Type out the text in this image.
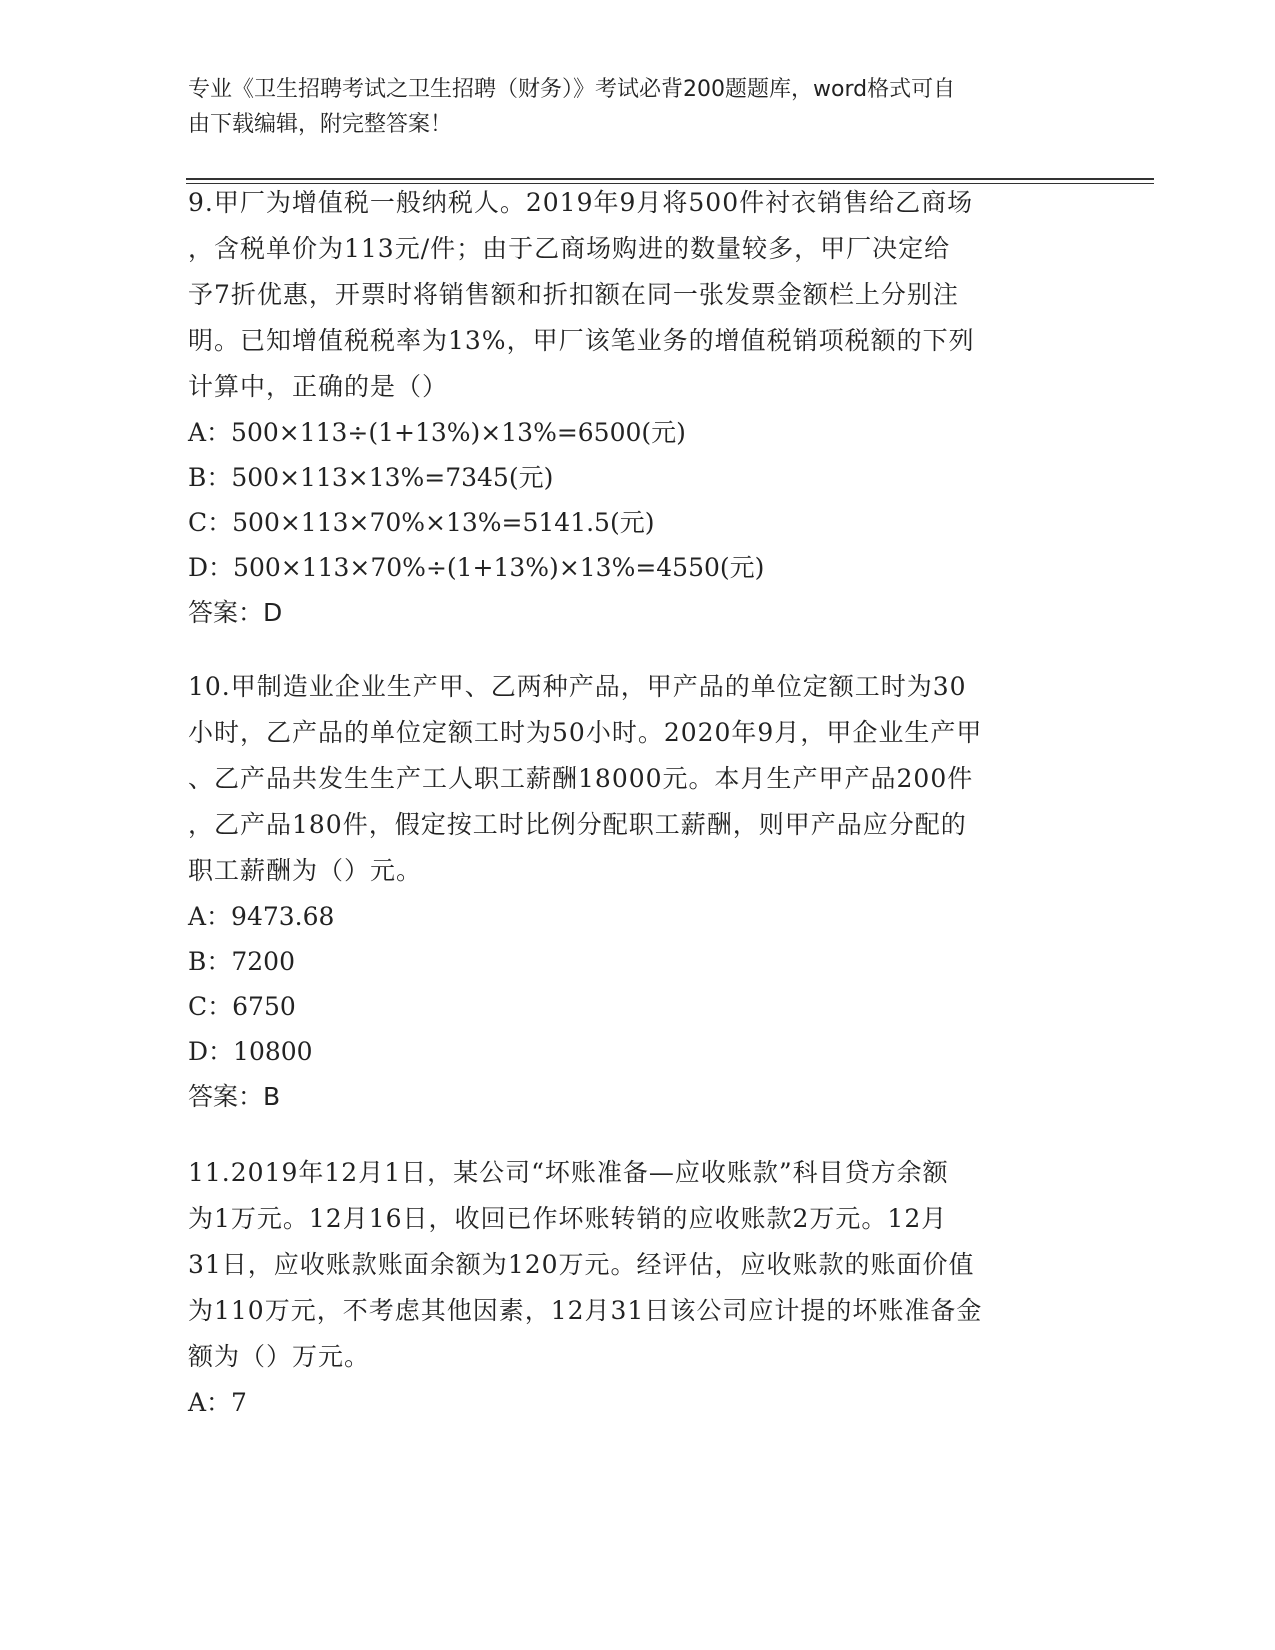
专业《卫生招聘考试之卫生招聘（财务）》考试必背200题题库，word格式可自
由下载编辑，附完整答案！
9.甲厂为增值税一般纳税人。2019年9月将500件衬衣销售给乙商场
，含税单价为113元/件；由于乙商场购进的数量较多，甲厂决定给
予7折优惠，开票时将销售额和折扣额在同一张发票金额栏上分别注
明。已知增值税税率为13%，甲厂该笔业务的增值税销项税额的下列
计算中，正确的是（）
A：500×113÷(1+13%)×13%=6500(元)
B：500×113×13%=7345(元)
C：500×113×70%×13%=5141.5(元)
D：500×113×70%÷(1+13%)×13%=4550(元)
答案：D
10.甲制造业企业生产甲、乙两种产品，甲产品的单位定额工时为30
小时，乙产品的单位定额工时为50小时。2020年9月，甲企业生产甲
、乙产品共发生生产工人职工薪酬18000元。本月生产甲产品200件
，乙产品180件，假定按工时比例分配职工薪酬，则甲产品应分配的
职工薪酬为（）元。
A：9473.68
B：7200
C：6750
D：10800
答案：B
11.2019年12月1日，某公司“坏账准备—应收账款”科目贷方余额
为1万元。12月16日，收回已作坏账转销的应收账款2万元。12月
31日，应收账款账面余额为120万元。经评估，应收账款的账面价值
为110万元，不考虑其他因素，12月31日该公司应计提的坏账准备金
额为（）万元。
A：7
